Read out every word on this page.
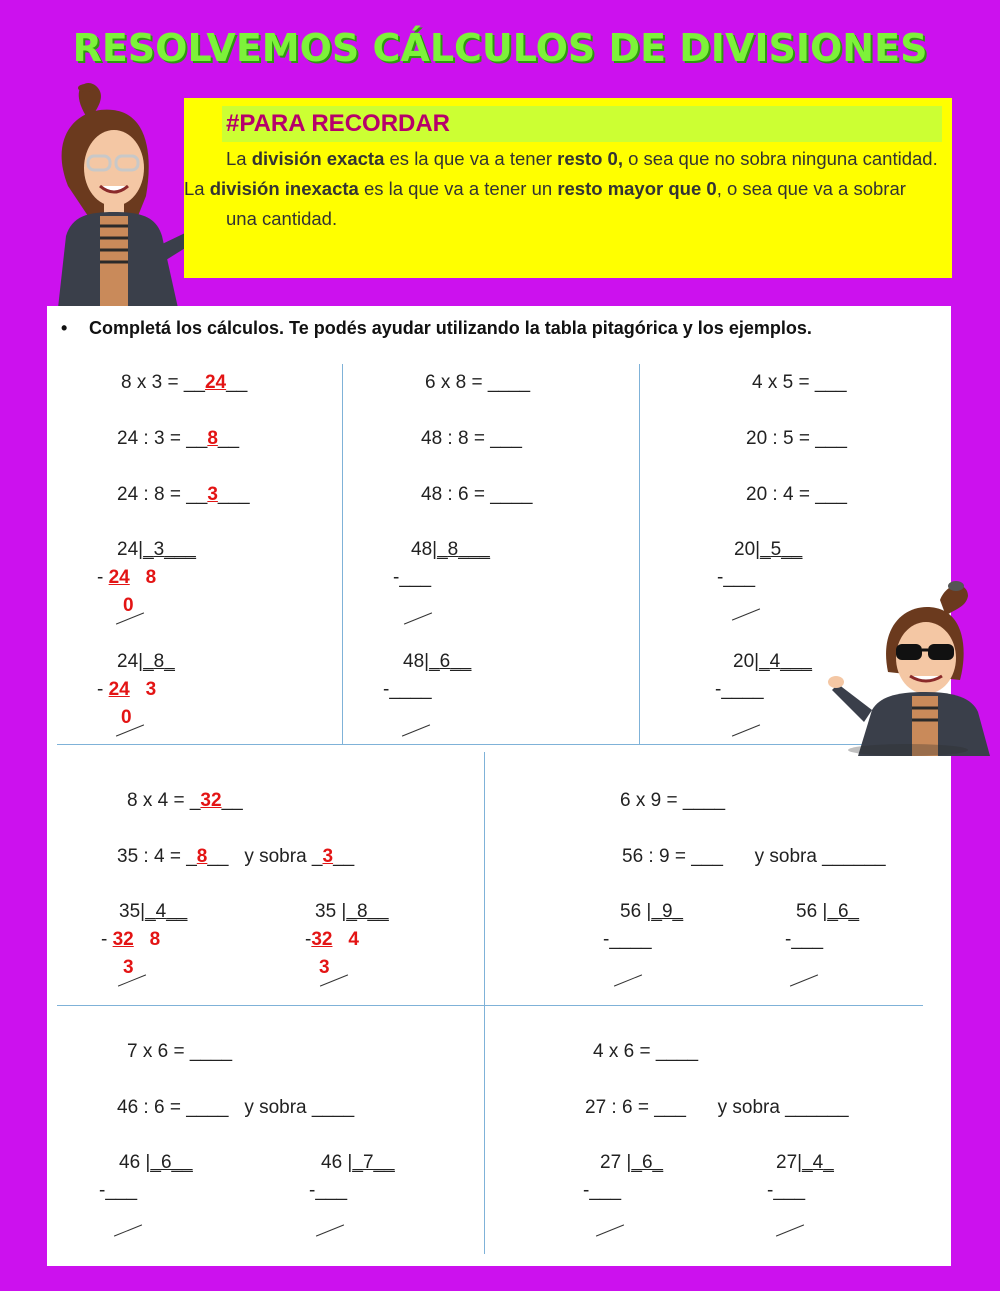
RESOLVEMOS CÁLCULOS DE DIVISIONES
#PARA RECORDAR

La división exacta es la que va a tener resto 0, o sea que no sobra ninguna cantidad.

La división inexacta es la que va a tener un resto mayor que 0, o sea que va a sobrar una cantidad.

• Completá los cálculos. Te podés ayudar utilizando la tabla pitagórica y los ejemplos.
8 x 3 = __24__
24 : 3 = __8__
24 : 8 = __3___
24|_3___
- 24 8
0
24|_8_
- 24 3
0
6 x 8 = ____
48 : 8 = ___
48 : 6 = ____
48|_8___
-___
48|_6__
-____
4 x 5 = ___
20 : 5 = ___
20 : 4 = ___
20|_5__
-___
20|_4___
-____
8 x 4 = _32__
35 : 4 = _8__ y sobra _3__
35|_4__
- 32 8
3
35 |_8__
-32 4
3
6 x 9 = ____
56 : 9 = ___ y sobra ______
56 |_9_
-____
56 |_6_
-___
7 x 6 = ____
46 : 6 = ____ y sobra ____
46 |_6__
-___
46 |_7__
-___
4 x 6 = ____
27 : 6 = ___ y sobra ______
27 |_6_
-___
27|_4_
-___
